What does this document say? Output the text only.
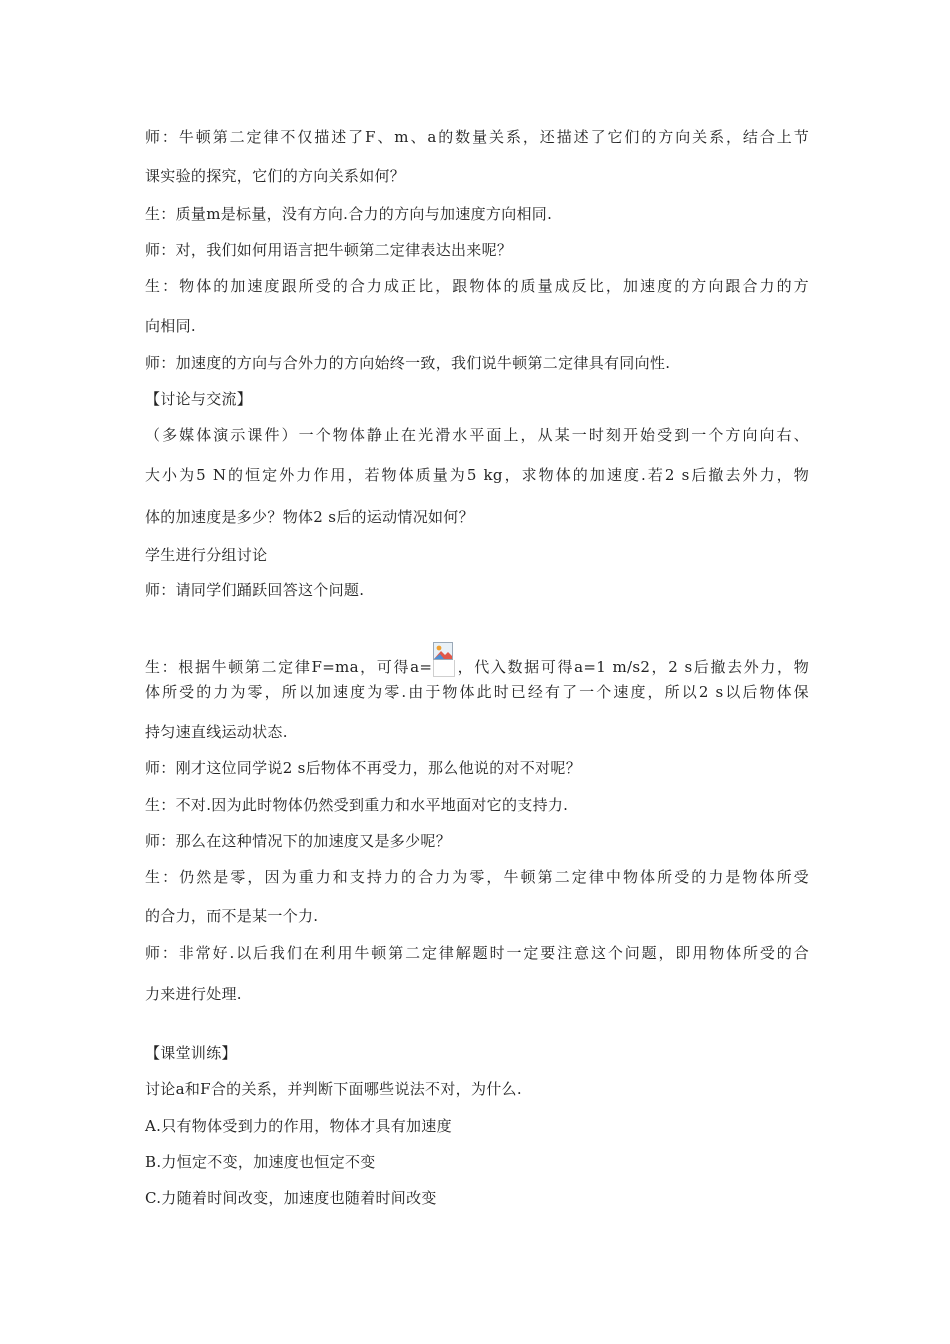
师：牛顿第二定律不仅描述了F、m、a的数量关系，还描述了它们的方向关系，结合上节
课实验的探究，它们的方向关系如何？
生：质量m是标量，没有方向.合力的方向与加速度方向相同.
师：对，我们如何用语言把牛顿第二定律表达出来呢？
生：物体的加速度跟所受的合力成正比，跟物体的质量成反比，加速度的方向跟合力的方
向相同.
师：加速度的方向与合外力的方向始终一致，我们说牛顿第二定律具有同向性.
【讨论与交流】
（多媒体演示课件）一个物体静止在光滑水平面上，从某一时刻开始受到一个方向向右、
大小为5 N的恒定外力作用，若物体质量为5 kg，求物体的加速度.若2 s后撤去外力，物
体的加速度是多少？物体2 s后的运动情况如何？
学生进行分组讨论
师：请同学们踊跃回答这个问题.
生：根据牛顿第二定律F=ma，可得a= ，代入数据可得a=1 m/s2，2 s后撤去外力，物
体所受的力为零，所以加速度为零.由于物体此时已经有了一个速度，所以2 s以后物体保
持匀速直线运动状态.
师：刚才这位同学说2 s后物体不再受力，那么他说的对不对呢？
生：不对.因为此时物体仍然受到重力和水平地面对它的支持力.
师：那么在这种情况下的加速度又是多少呢？
生：仍然是零，因为重力和支持力的合力为零，牛顿第二定律中物体所受的力是物体所受
的合力，而不是某一个力.
师：非常好.以后我们在利用牛顿第二定律解题时一定要注意这个问题，即用物体所受的合
力来进行处理.
【课堂训练】
讨论a和F合的关系，并判断下面哪些说法不对，为什么.
A.只有物体受到力的作用，物体才具有加速度
B.力恒定不变，加速度也恒定不变
C.力随着时间改变，加速度也随着时间改变
